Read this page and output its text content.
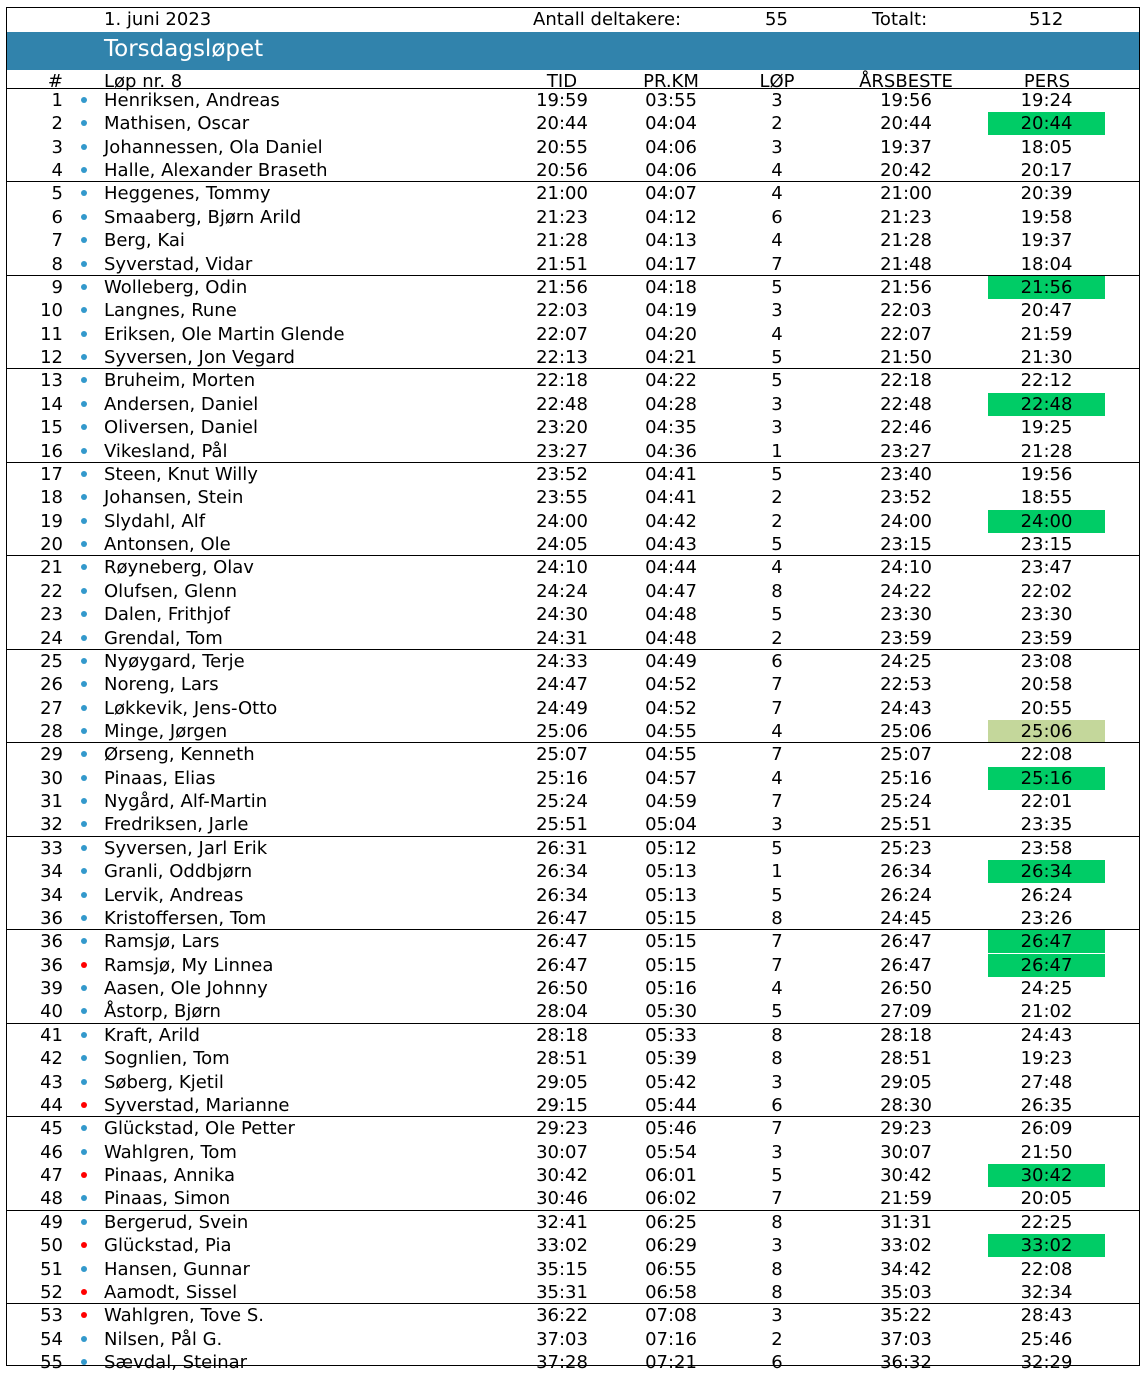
1. juni 2023	Antall deltakere:	55	Totalt:	512
Torsdagsløpet
# Løp nr. 8	TID	PR.KM	LØP	ÅRSBESTE	PERS
1 Henriksen, Andreas	19:59	03:55	3	19:56	19:24
2 Mathisen, Oscar	20:44	04:04	2	20:44	20:44
3 Johannessen, Ola Daniel	20:55	04:06	3	19:37	18:05
4 Halle, Alexander Braseth	20:56	04:06	4	20:42	20:17
5 Heggenes, Tommy	21:00	04:07	4	21:00	20:39
6 Smaaberg, Bjørn Arild	21:23	04:12	6	21:23	19:58
7 Berg, Kai	21:28	04:13	4	21:28	19:37
8 Syverstad, Vidar	21:51	04:17	7	21:48	18:04
9 Wolleberg, Odin	21:56	04:18	5	21:56	21:56
10 Langnes, Rune	22:03	04:19	3	22:03	20:47
11 Eriksen, Ole Martin Glende	22:07	04:20	4	22:07	21:59
12 Syversen, Jon Vegard	22:13	04:21	5	21:50	21:30
13 Bruheim, Morten	22:18	04:22	5	22:18	22:12
14 Andersen, Daniel	22:48	04:28	3	22:48	22:48
15 Oliversen, Daniel	23:20	04:35	3	22:46	19:25
16 Vikesland, Pål	23:27	04:36	1	23:27	21:28
17 Steen, Knut Willy	23:52	04:41	5	23:40	19:56
18 Johansen, Stein	23:55	04:41	2	23:52	18:55
19 Slydahl, Alf	24:00	04:42	2	24:00	24:00
20 Antonsen, Ole	24:05	04:43	5	23:15	23:15
21 Røyneberg, Olav	24:10	04:44	4	24:10	23:47
22 Olufsen, Glenn	24:24	04:47	8	24:22	22:02
23 Dalen, Frithjof	24:30	04:48	5	23:30	23:30
24 Grendal, Tom	24:31	04:48	2	23:59	23:59
25 Nyøygard, Terje	24:33	04:49	6	24:25	23:08
26 Noreng, Lars	24:47	04:52	7	22:53	20:58
27 Løkkevik, Jens-Otto	24:49	04:52	7	24:43	20:55
28 Minge, Jørgen	25:06	04:55	4	25:06	25:06
29 Ørseng, Kenneth	25:07	04:55	7	25:07	22:08
30 Pinaas, Elias	25:16	04:57	4	25:16	25:16
31 Nygård, Alf-Martin	25:24	04:59	7	25:24	22:01
32 Fredriksen, Jarle	25:51	05:04	3	25:51	23:35
33 Syversen, Jarl Erik	26:31	05:12	5	25:23	23:58
34 Granli, Oddbjørn	26:34	05:13	1	26:34	26:34
34 Lervik, Andreas	26:34	05:13	5	26:24	26:24
36 Kristoffersen, Tom	26:47	05:15	8	24:45	23:26
36 Ramsjø, Lars	26:47	05:15	7	26:47	26:47
36 Ramsjø, My Linnea	26:47	05:15	7	26:47	26:47
39 Aasen, Ole Johnny	26:50	05:16	4	26:50	24:25
40 Åstorp, Bjørn	28:04	05:30	5	27:09	21:02
41 Kraft, Arild	28:18	05:33	8	28:18	24:43
42 Sognlien, Tom	28:51	05:39	8	28:51	19:23
43 Søberg, Kjetil	29:05	05:42	3	29:05	27:48
44 Syverstad, Marianne	29:15	05:44	6	28:30	26:35
45 Glückstad, Ole Petter	29:23	05:46	7	29:23	26:09
46 Wahlgren, Tom	30:07	05:54	3	30:07	21:50
47 Pinaas, Annika	30:42	06:01	5	30:42	30:42
48 Pinaas, Simon	30:46	06:02	7	21:59	20:05
49 Bergerud, Svein	32:41	06:25	8	31:31	22:25
50 Glückstad, Pia	33:02	06:29	3	33:02	33:02
51 Hansen, Gunnar	35:15	06:55	8	34:42	22:08
52 Aamodt, Sissel	35:31	06:58	8	35:03	32:34
53 Wahlgren, Tove S.	36:22	07:08	3	35:22	28:43
54 Nilsen, Pål G.	37:03	07:16	2	37:03	25:46
55 Sævdal, Steinar	37:28	07:21	6	36:32	32:29
